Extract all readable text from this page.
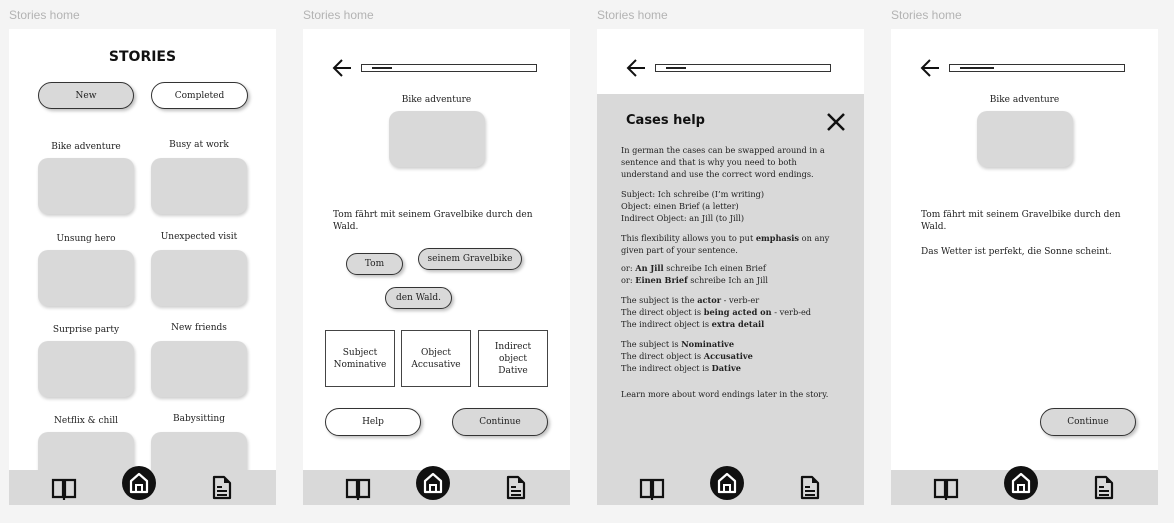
Stories home
STORIES
New	Completed
Bike adventure	Busy at work
Unsung hero	Unexpected visit
Surprise party	New friends
Netflix & chill	Babysitting
Stories home
Bike adventure
Tom fährt mit seinem Gravelbike durch den Wald.
Tom	seinem Gravelbike
den Wald.
Subject
Nominative
Object
Accusative
Indirect
object
Dative
Help	Continue
Stories home
Cases help

In german the cases can be swapped around in a sentence and that is why you need to both understand and use the correct word endings.

Subject: Ich schreibe (I’m writing)
Object: einen Brief (a letter)
Indirect Object: an Jill (to Jill)

This flexibility allows you to put emphasis on any given part of your sentence.

or: An Jill schreibe Ich einen Brief
or: Einen Brief schreibe Ich an Jill

The subject is the actor - verb-er
The direct object is being acted on - verb-ed
The indirect object is extra detail

The subject is Nominative
The direct object is Accusative
The indirect object is Dative

Learn more about word endings later in the story.

Stories home
Bike adventure
Tom fährt mit seinem Gravelbike durch den Wald.
Das Wetter ist perfekt, die Sonne scheint.
Continue
